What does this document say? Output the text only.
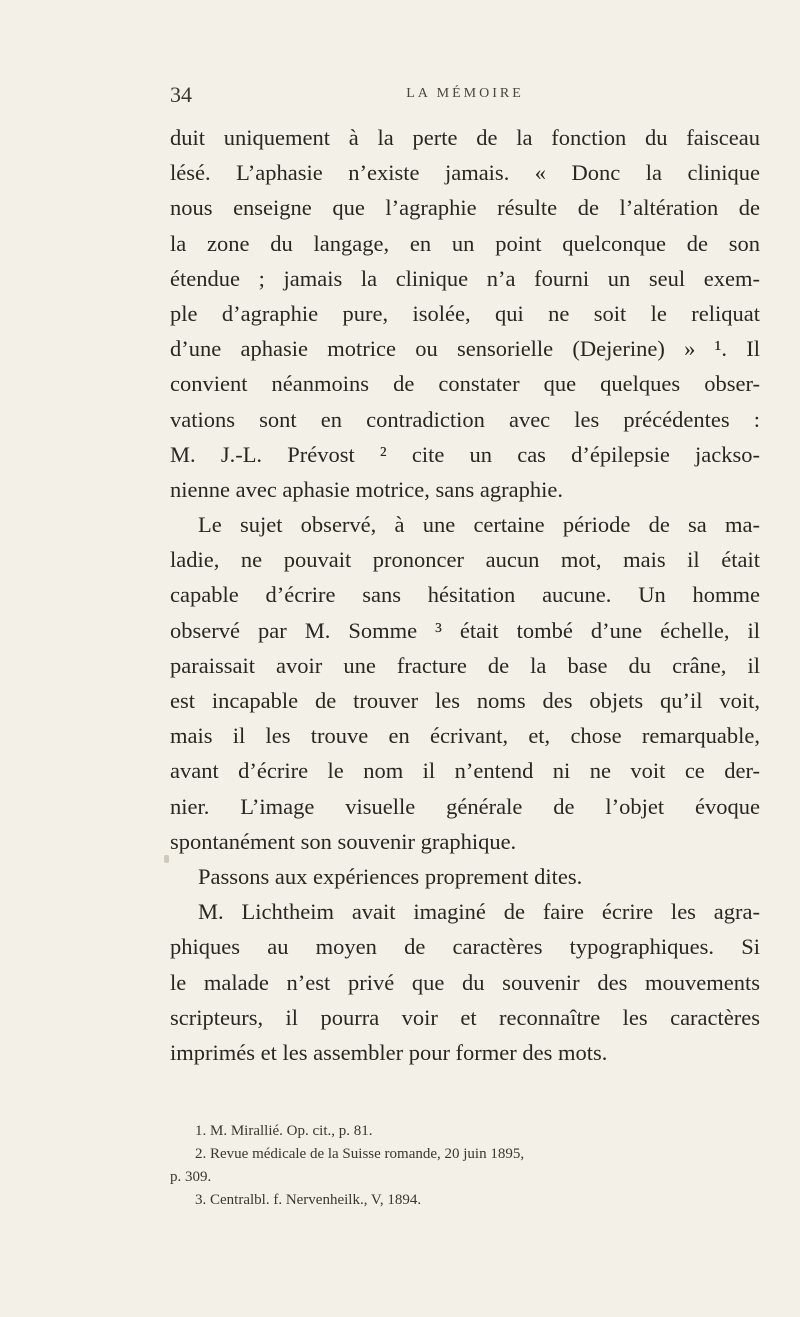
34	LA MÉMOIRE
duit uniquement à la perte de la fonction du faisceau
lésé. L’aphasie n’existe jamais. « Donc la clinique
nous enseigne que l’agraphie résulte de l’altération de
la zone du langage, en un point quelconque de son
étendue ; jamais la clinique n’a fourni un seul exem-
ple d’agraphie pure, isolée, qui ne soit le reliquat
d’une aphasie motrice ou sensorielle (Dejerine) » ¹. Il
convient néanmoins de constater que quelques obser-
vations sont en contradiction avec les précédentes :
M. J.-L. Prévost ² cite un cas d’épilepsie jackso-
nienne avec aphasie motrice, sans agraphie.
Le sujet observé, à une certaine période de sa ma-
ladie, ne pouvait prononcer aucun mot, mais il était
capable d’écrire sans hésitation aucune. Un homme
observé par M. Somme ³ était tombé d’une échelle, il
paraissait avoir une fracture de la base du crâne, il
est incapable de trouver les noms des objets qu’il voit,
mais il les trouve en écrivant, et, chose remarquable,
avant d’écrire le nom il n’entend ni ne voit ce der-
nier. L’image visuelle générale de l’objet évoque
spontanément son souvenir graphique.
Passons aux expériences proprement dites.
M. Lichtheim avait imaginé de faire écrire les agra-
phiques au moyen de caractères typographiques. Si
le malade n’est privé que du souvenir des mouvements
scripteurs, il pourra voir et reconnaître les caractères
imprimés et les assembler pour former des mots.
1. M. Mirallié. Op. cit., p. 81.
2. Revue médicale de la Suisse romande, 20 juin 1895,
p. 309.
3. Centralbl. f. Nervenheilk., V, 1894.
